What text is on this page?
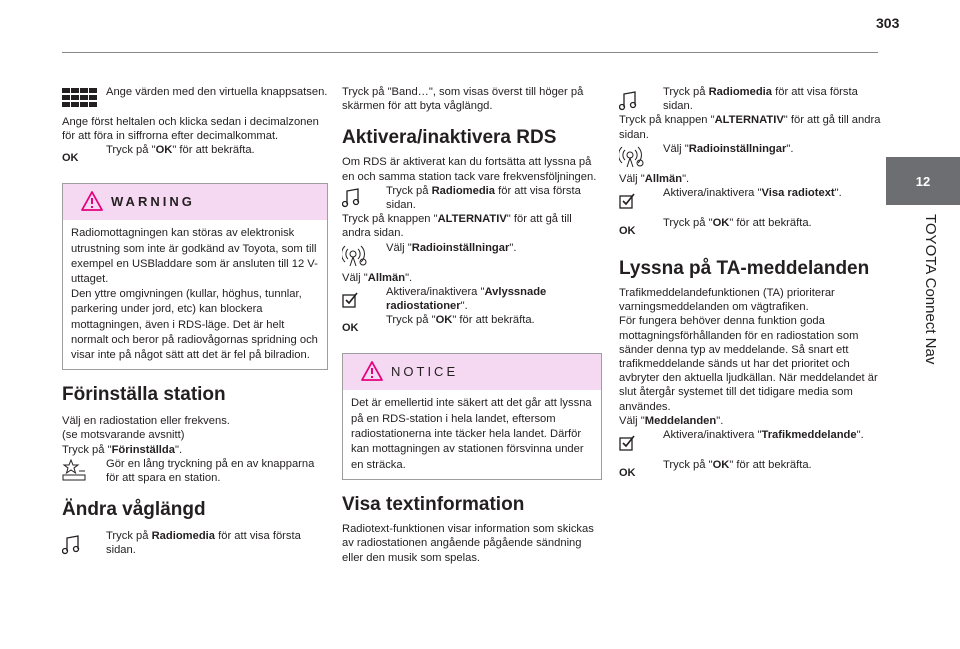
303
12
TOYOTA Connect Nav
Ange värden med den virtuella knappsatsen.

Ange först heltalen och klicka sedan i decimalzonen för att föra in siffrorna efter decimalkommat.

OK
Tryck på "OK" för att bekräfta.
WARNING
Radiomottagningen kan störas av elektronisk utrustning som inte är godkänd av Toyota, som till exempel en USBladdare som är ansluten till 12 V-uttaget.
Den yttre omgivningen (kullar, höghus, tunnlar, parkering under jord, etc) kan blockera mottagningen, även i RDS-läge. Det är helt normalt och beror på radiovågornas spridning och visar inte på något sätt att det är fel på bilradion.
Förinställa station

Välj en radiostation eller frekvens.

(se motsvarande avsnitt)

Tryck på "Förinställda".

Gör en lång tryckning på en av knapparna för att spara en station.
Ändra våglängd
Tryck på Radiomedia för att visa första sidan.

Tryck på "Band…", som visas överst till höger på skärmen för att byta våglängd.

Aktivera/inaktivera RDS

Om RDS är aktiverat kan du fortsätta att lyssna på en och samma station tack vare frekvensföljningen.

Tryck på Radiomedia för att visa första sidan.

Tryck på knappen "ALTERNATIV" för att gå till andra sidan.

Välj "Radioinställningar".

Välj "Allmän".

Aktivera/inaktivera "Avlyssnade radiostationer".
OK
Tryck på "OK" för att bekräfta.
NOTICE
Det är emellertid inte säkert att det går att lyssna på en RDS-station i hela landet, eftersom radiostationerna inte täcker hela landet. Därför kan mottagningen av stationen försvinna under en sträcka.
Visa textinformation

Radiotext-funktionen visar information som skickas av radiostationen angående pågående sändning eller den musik som spelas.

Tryck på Radiomedia för att visa första sidan.

Tryck på knappen "ALTERNATIV" för att gå till andra sidan.

Välj "Radioinställningar".

Välj "Allmän".

Aktivera/inaktivera "Visa radiotext".
OK
Tryck på "OK" för att bekräfta.
Lyssna på TA-meddelanden

Trafikmeddelandefunktionen (TA) prioriterar varningsmeddelanden om vägtrafiken.
För fungera behöver denna funktion goda mottagningsförhållanden för en radiostation som sänder denna typ av meddelande. Så snart ett trafikmeddelande sänds ut har det prioritet och avbryter den aktuella ljudkällan. När meddelandet är slut återgår systemet till det tidigare media som användes.

Välj "Meddelanden".

Aktivera/inaktivera "Trafikmeddelande".
OK
Tryck på "OK" för att bekräfta.
